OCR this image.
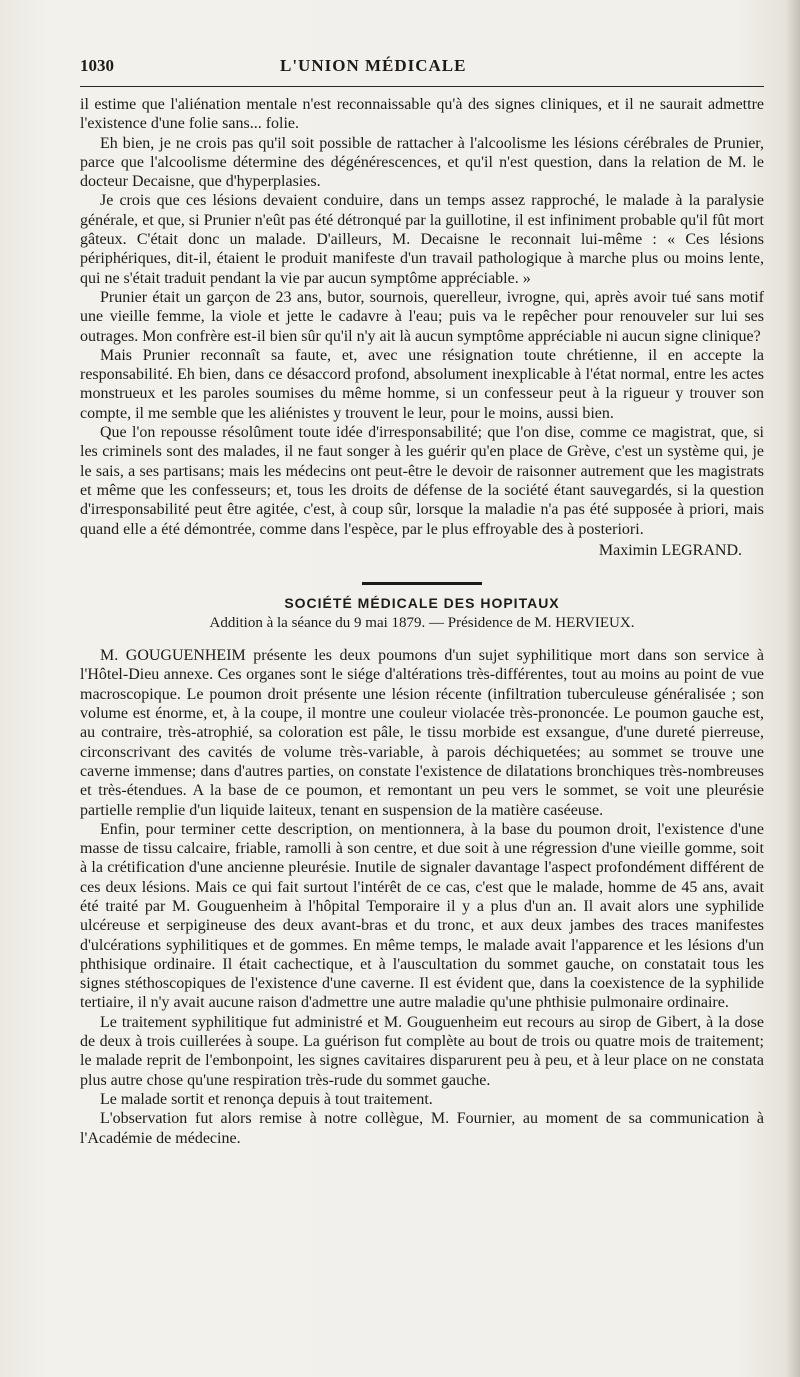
1030	L'UNION MÉDICALE

il estime que l'aliénation mentale n'est reconnaissable qu'à des signes cliniques, et il ne saurait admettre l'existence d'une folie sans... folie.

Eh bien, je ne crois pas qu'il soit possible de rattacher à l'alcoolisme les lésions cérébrales de Prunier, parce que l'alcoolisme détermine des dégénérescences, et qu'il n'est question, dans la relation de M. le docteur Decaisne, que d'hyperplasies.

Je crois que ces lésions devaient conduire, dans un temps assez rapproché, le malade à la paralysie générale, et que, si Prunier n'eût pas été détronqué par la guillotine, il est infiniment probable qu'il fût mort gâteux. C'était donc un malade. D'ailleurs, M. Decaisne le reconnait lui-même : « Ces lésions périphériques, dit-il, étaient le produit manifeste d'un travail pathologique à marche plus ou moins lente, qui ne s'était traduit pendant la vie par aucun symptôme appréciable. »

Prunier était un garçon de 23 ans, butor, sournois, querelleur, ivrogne, qui, après avoir tué sans motif une vieille femme, la viole et jette le cadavre à l'eau; puis va le repêcher pour renouveler sur lui ses outrages. Mon confrère est-il bien sûr qu'il n'y ait là aucun symptôme appréciable ni aucun signe clinique?

Mais Prunier reconnaît sa faute, et, avec une résignation toute chrétienne, il en accepte la responsabilité. Eh bien, dans ce désaccord profond, absolument inexplicable à l'état normal, entre les actes monstrueux et les paroles soumises du même homme, si un confesseur peut à la rigueur y trouver son compte, il me semble que les aliénistes y trouvent le leur, pour le moins, aussi bien.

Que l'on repousse résolûment toute idée d'irresponsabilité; que l'on dise, comme ce magistrat, que, si les criminels sont des malades, il ne faut songer à les guérir qu'en place de Grève, c'est un système qui, je le sais, a ses partisans; mais les médecins ont peut-être le devoir de raisonner autrement que les magistrats et même que les confesseurs; et, tous les droits de défense de la société étant sauvegardés, si la question d'irresponsabilité peut être agitée, c'est, à coup sûr, lorsque la maladie n'a pas été supposée à priori, mais quand elle a été démontrée, comme dans l'espèce, par le plus effroyable des à posteriori.

Maximin LEGRAND.
SOCIÉTÉ MÉDICALE DES HOPITAUX
Addition à la séance du 9 mai 1879. — Présidence de M. HERVIEUX.

M. GOUGUENHEIM présente les deux poumons d'un sujet syphilitique mort dans son service à l'Hôtel-Dieu annexe. Ces organes sont le siége d'altérations très-différentes, tout au moins au point de vue macroscopique. Le poumon droit présente une lésion récente (infiltration tuberculeuse généralisée ; son volume est énorme, et, à la coupe, il montre une couleur violacée très-prononcée. Le poumon gauche est, au contraire, très-atrophié, sa coloration est pâle, le tissu morbide est exsangue, d'une dureté pierreuse, circonscrivant des cavités de volume très-variable, à parois déchiquetées; au sommet se trouve une caverne immense; dans d'autres parties, on constate l'existence de dilatations bronchiques très-nombreuses et très-étendues. A la base de ce poumon, et remontant un peu vers le sommet, se voit une pleurésie partielle remplie d'un liquide laiteux, tenant en suspension de la matière caséeuse.

Enfin, pour terminer cette description, on mentionnera, à la base du poumon droit, l'existence d'une masse de tissu calcaire, friable, ramolli à son centre, et due soit à une régression d'une vieille gomme, soit à la crétification d'une ancienne pleurésie. Inutile de signaler davantage l'aspect profondément différent de ces deux lésions. Mais ce qui fait surtout l'intérêt de ce cas, c'est que le malade, homme de 45 ans, avait été traité par M. Gouguenheim à l'hôpital Temporaire il y a plus d'un an. Il avait alors une syphilide ulcéreuse et serpigineuse des deux avant-bras et du tronc, et aux deux jambes des traces manifestes d'ulcérations syphilitiques et de gommes. En même temps, le malade avait l'apparence et les lésions d'un phthisique ordinaire. Il était cachectique, et à l'auscultation du sommet gauche, on constatait tous les signes stéthoscopiques de l'existence d'une caverne. Il est évident que, dans la coexistence de la syphilide tertiaire, il n'y avait aucune raison d'admettre une autre maladie qu'une phthisie pulmonaire ordinaire.

Le traitement syphilitique fut administré et M. Gouguenheim eut recours au sirop de Gibert, à la dose de deux à trois cuillerées à soupe. La guérison fut complète au bout de trois ou quatre mois de traitement; le malade reprit de l'embonpoint, les signes cavitaires disparurent peu à peu, et à leur place on ne constata plus autre chose qu'une respiration très-rude du sommet gauche.

Le malade sortit et renonça depuis à tout traitement.

L'observation fut alors remise à notre collègue, M. Fournier, au moment de sa communication à l'Académie de médecine.
